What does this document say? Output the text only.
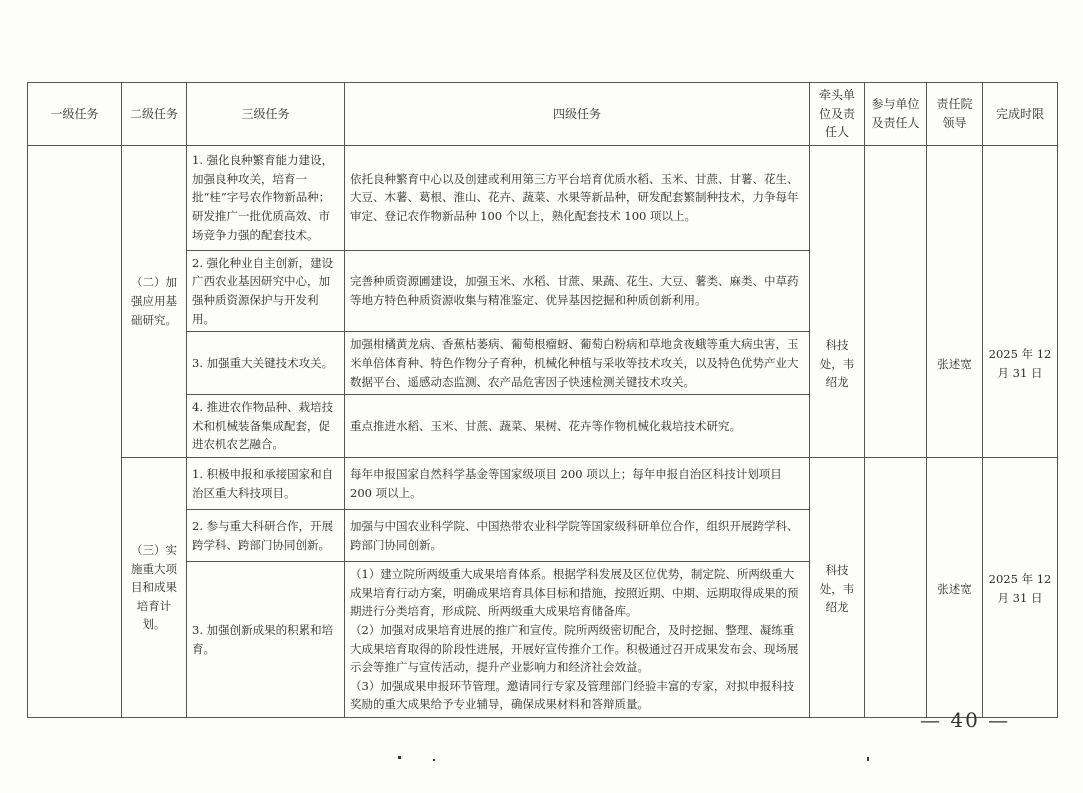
一级任务	二级任务	三级任务	四级任务	牵头单位及责任人	参与单位及责任人	责任院领导	完成时限
	（二）加强应用基础研究。	1. 强化良种繁育能力建设，加强良种攻关，培育一批“桂”字号农作物新品种；研发推广一批优质高效、市场竞争力强的配套技术。	依托良种繁育中心以及创建或利用第三方平台培育优质水稻、玉米、甘蔗、甘薯、花生、大豆、木薯、葛根、淮山、花卉、蔬菜、水果等新品种，研发配套繁制种技术，力争每年审定、登记农作物新品种 100 个以上，熟化配套技术 100 项以上。	科技处，韦绍龙		张述宽	2025 年 12 月 31 日
		2. 强化种业自主创新，建设广西农业基因研究中心，加强种质资源保护与开发利用。	完善种质资源圃建设，加强玉米、水稻、甘蔗、果蔬、花生、大豆、薯类、麻类、中草药等地方特色种质资源收集与精准鉴定、优异基因挖掘和种质创新利用。				
		3. 加强重大关键技术攻关。	加强柑橘黄龙病、香蕉枯萎病、葡萄根瘤蚜、葡萄白粉病和草地贪夜蛾等重大病虫害，玉米单倍体育种、特色作物分子育种，机械化种植与采收等技术攻关，以及特色优势产业大数据平台、遥感动态监测、农产品危害因子快速检测关键技术攻关。				
		4. 推进农作物品种、栽培技术和机械装备集成配套，促进农机农艺融合。	重点推进水稻、玉米、甘蔗、蔬菜、果树、花卉等作物机械化栽培技术研究。				
	（三）实施重大项目和成果培育计划。	1. 积极申报和承接国家和自治区重大科技项目。	每年申报国家自然科学基金等国家级项目 200 项以上；每年申报自治区科技计划项目 200 项以上。	科技处，韦绍龙		张述宽	2025 年 12 月 31 日
		2. 参与重大科研合作，开展跨学科、跨部门协同创新。	加强与中国农业科学院、中国热带农业科学院等国家级科研单位合作，组织开展跨学科、跨部门协同创新。				
		3. 加强创新成果的积累和培育。	（1）建立院所两级重大成果培育体系。根据学科发展及区位优势，制定院、所两级重大成果培育行动方案，明确成果培育具体目标和措施，按照近期、中期、远期取得成果的预期进行分类培育，形成院、所两级重大成果培育储备库。
（2）加强对成果培育进展的推广和宣传。院所两级密切配合，及时挖掘、整理、凝练重大成果培育取得的阶段性进展，开展好宣传推介工作。积极通过召开成果发布会、现场展示会等推广与宣传活动，提升产业影响力和经济社会效益。
（3）加强成果申报环节管理。邀请同行专家及管理部门经验丰富的专家，对拟申报科技奖励的重大成果给予专业辅导，确保成果材料和答辩质量。				
— 40 —
